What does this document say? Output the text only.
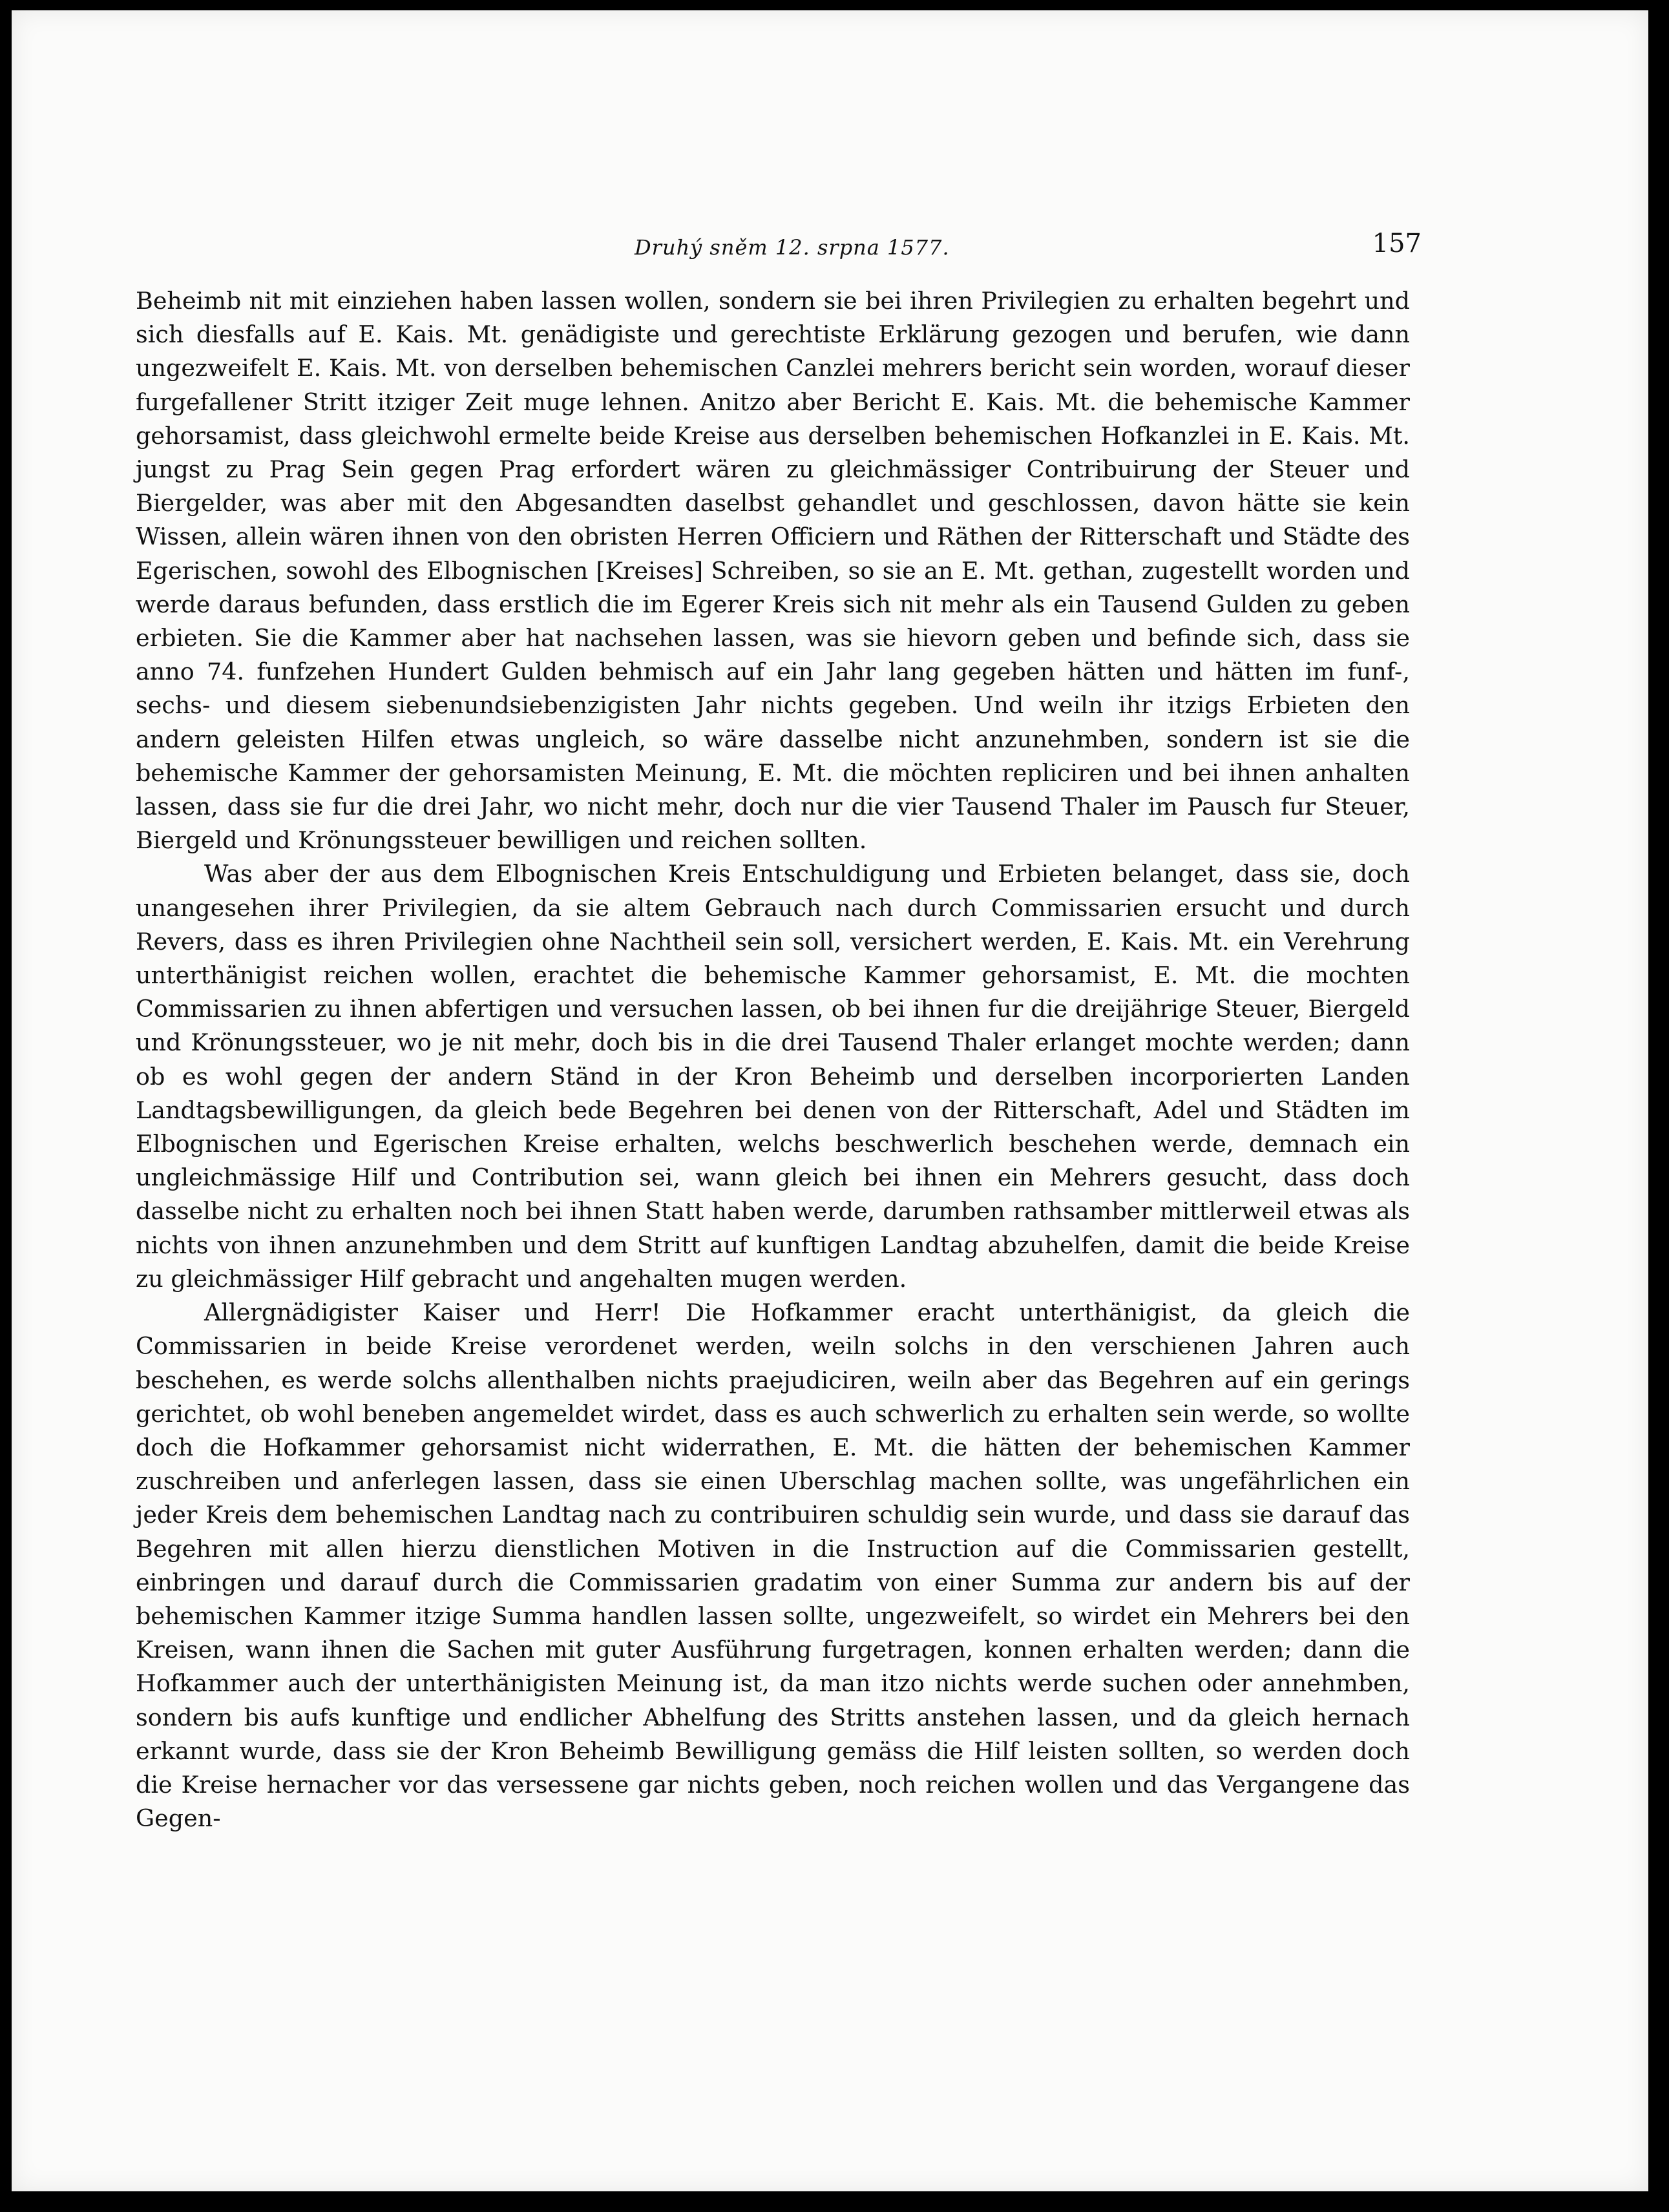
Druhý sněm 12. srpna 1577.	157

Beheimb nit mit einziehen haben lassen wollen, sondern sie bei ihren Privilegien zu erhalten begehrt und sich diesfalls auf E. Kais. Mt. genädigiste und gerechtiste Erklärung gezogen und berufen, wie dann ungezweifelt E. Kais. Mt. von derselben behemischen Canzlei mehrers bericht sein worden, worauf dieser furgefallener Stritt itziger Zeit muge lehnen. Anitzo aber Bericht E. Kais. Mt. die behemische Kammer gehorsamist, dass gleichwohl ermelte beide Kreise aus derselben behemischen Hofkanzlei in E. Kais. Mt. jungst zu Prag Sein gegen Prag erfordert wären zu gleichmässiger Contribuirung der Steuer und Biergelder, was aber mit den Abgesandten daselbst gehandlet und geschlossen, davon hätte sie kein Wissen, allein wären ihnen von den obristen Herren Officiern und Räthen der Ritterschaft und Städte des Egerischen, sowohl des Elbognischen [Kreises] Schreiben, so sie an E. Mt. gethan, zugestellt worden und werde daraus befunden, dass erstlich die im Egerer Kreis sich nit mehr als ein Tausend Gulden zu geben erbieten. Sie die Kammer aber hat nachsehen lassen, was sie hievorn geben und befinde sich, dass sie anno 74. funfzehen Hundert Gulden behmisch auf ein Jahr lang gegeben hätten und hätten im funf-, sechs- und diesem siebenundsiebenzigisten Jahr nichts gegeben. Und weiln ihr itzigs Erbieten den andern geleisten Hilfen etwas ungleich, so wäre dasselbe nicht anzunehmben, sondern ist sie die behemische Kammer der gehorsamisten Meinung, E. Mt. die möchten repliciren und bei ihnen anhalten lassen, dass sie fur die drei Jahr, wo nicht mehr, doch nur die vier Tausend Thaler im Pausch fur Steuer, Biergeld und Krönungssteuer bewilligen und reichen sollten.

Was aber der aus dem Elbognischen Kreis Entschuldigung und Erbieten belanget, dass sie, doch unangesehen ihrer Privilegien, da sie altem Gebrauch nach durch Commissarien ersucht und durch Revers, dass es ihren Privilegien ohne Nachtheil sein soll, versichert werden, E. Kais. Mt. ein Verehrung unterthänigist reichen wollen, erachtet die behemische Kammer gehorsamist, E. Mt. die mochten Commissarien zu ihnen abfertigen und versuchen lassen, ob bei ihnen fur die dreijährige Steuer, Biergeld und Krönungssteuer, wo je nit mehr, doch bis in die drei Tausend Thaler erlanget mochte werden; dann ob es wohl gegen der andern Ständ in der Kron Beheimb und derselben incorporierten Landen Landtagsbewilligungen, da gleich bede Begehren bei denen von der Ritterschaft, Adel und Städten im Elbognischen und Egerischen Kreise erhalten, welchs beschwerlich beschehen werde, demnach ein ungleichmässige Hilf und Contribution sei, wann gleich bei ihnen ein Mehrers gesucht, dass doch dasselbe nicht zu erhalten noch bei ihnen Statt haben werde, darumben rathsamber mittlerweil etwas als nichts von ihnen anzunehmben und dem Stritt auf kunftigen Landtag abzuhelfen, damit die beide Kreise zu gleichmässiger Hilf gebracht und angehalten mugen werden.

Allergnädigister Kaiser und Herr! Die Hofkammer eracht unterthänigist, da gleich die Commissarien in beide Kreise verordenet werden, weiln solchs in den verschienen Jahren auch beschehen, es werde solchs allenthalben nichts praejudiciren, weiln aber das Begehren auf ein gerings gerichtet, ob wohl beneben angemeldet wirdet, dass es auch schwerlich zu erhalten sein werde, so wollte doch die Hofkammer gehorsamist nicht widerrathen, E. Mt. die hätten der behemischen Kammer zuschreiben und anferlegen lassen, dass sie einen Uberschlag machen sollte, was ungefährlichen ein jeder Kreis dem behemischen Landtag nach zu contribuiren schuldig sein wurde, und dass sie darauf das Begehren mit allen hierzu dienstlichen Motiven in die Instruction auf die Commissarien gestellt, einbringen und darauf durch die Commissarien gradatim von einer Summa zur andern bis auf der behemischen Kammer itzige Summa handlen lassen sollte, ungezweifelt, so wirdet ein Mehrers bei den Kreisen, wann ihnen die Sachen mit guter Ausführung furgetragen, konnen erhalten werden; dann die Hofkammer auch der unterthänigisten Meinung ist, da man itzo nichts werde suchen oder annehmben, sondern bis aufs kunftige und endlicher Abhelfung des Stritts anstehen lassen, und da gleich hernach erkannt wurde, dass sie der Kron Beheimb Bewilligung gemäss die Hilf leisten sollten, so werden doch die Kreise hernacher vor das versessene gar nichts geben, noch reichen wollen und das Vergangene das Gegen-
